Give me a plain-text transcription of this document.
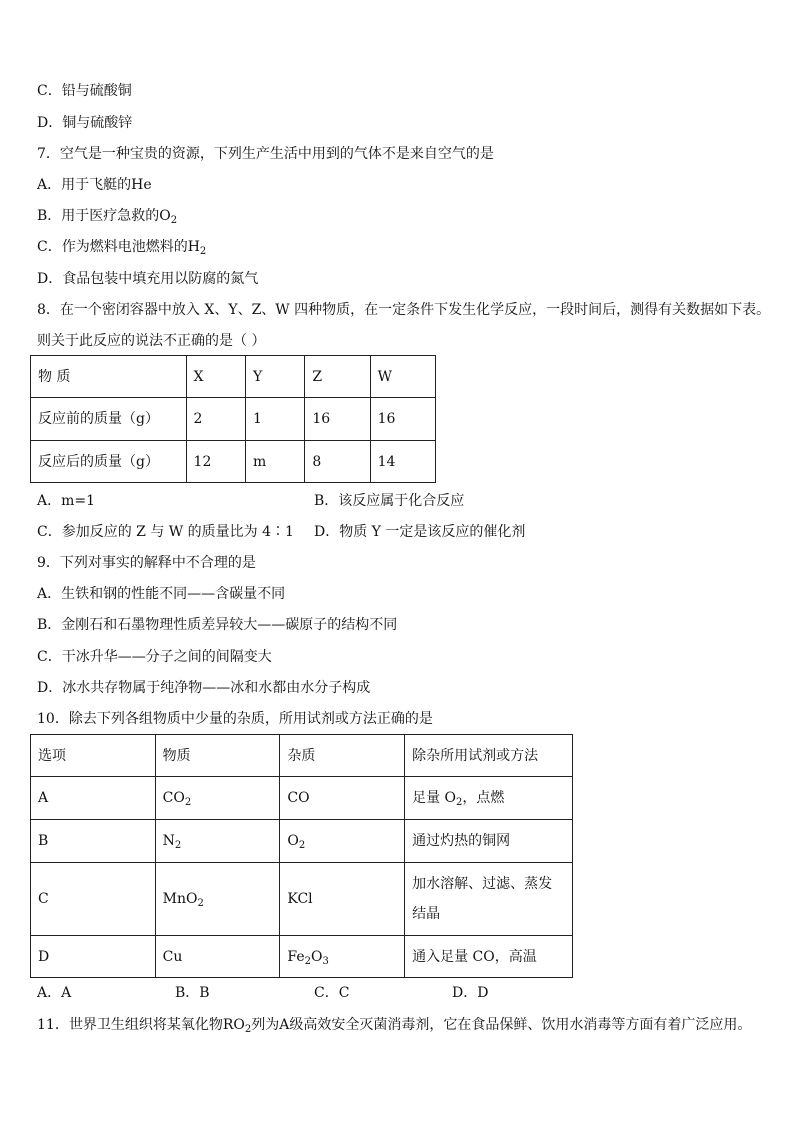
C．铅与硫酸铜
D．铜与硫酸锌
7．空气是一种宝贵的资源，下列生产生活中用到的气体不是来自空气的是
A．用于飞艇的He
B．用于医疗急救的$O_2$
C．作为燃料电池燃料的$H_2$
D．食品包装中填充用以防腐的氮气
8．在一个密闭容器中放入 X、Y、Z、W 四种物质，在一定条件下发生化学反应，一段时间后，测得有关数据如下表。
则关于此反应的说法不正确的是（ ）
物 质	X	Y	Z	W
反应前的质量（g）	2	1	16	16
反应后的质量（g）	12	m	8	14
A．m=1	B．该反应属于化合反应
C．参加反应的 Z 与 W 的质量比为 4∶1 D．物质 Y 一定是该反应的催化剂
9．下列对事实的解释中不合理的是
A．生铁和钢的性能不同——含碳量不同
B．金刚石和石墨物理性质差异较大——碳原子的结构不同
C．干冰升华——分子之间的间隔变大
D．冰水共存物属于纯净物——冰和水都由水分子构成
10．除去下列各组物质中少量的杂质，所用试剂或方法正确的是
选项	物质	杂质	除杂所用试剂或方法
A	$CO_2$	CO	足量 $O_2$，点燃
B	$N_2$	$O_2$	通过灼热的铜网
C	MnO$_2$	KCl	加水溶解、过滤、蒸发结晶
D	Cu	$Fe_2O_3$	通入足量 CO，高温
A．A	B．B	C．C	D．D
11．世界卫生组织将某氧化物$RO_2$列为A级高效安全灭菌消毒剂，它在食品保鲜、饮用水消毒等方面有着广泛应用。
